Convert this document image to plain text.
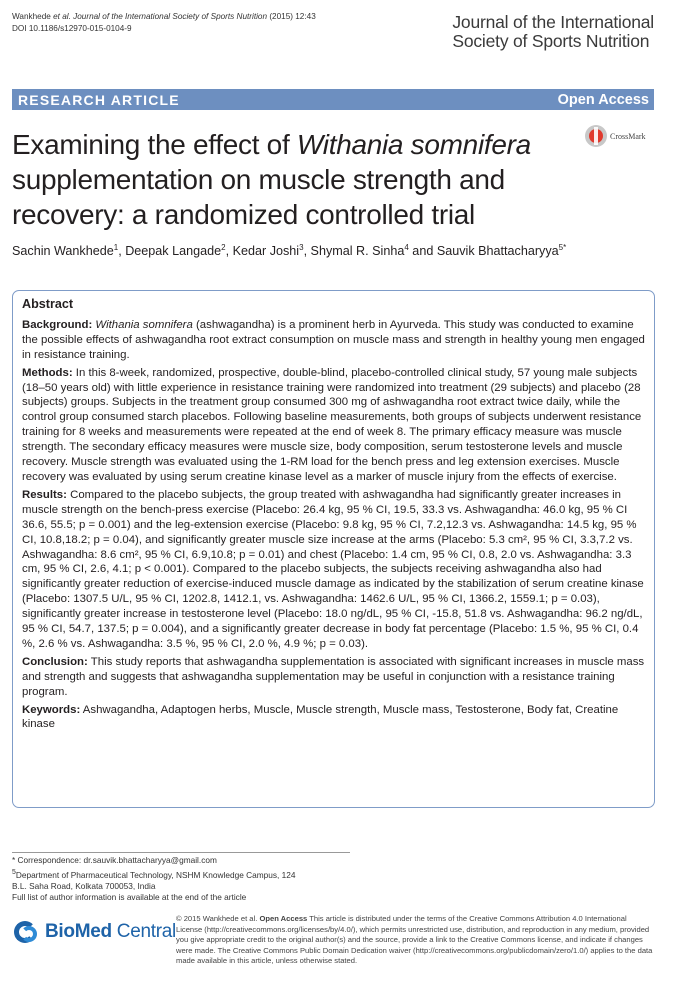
Wankhede et al. Journal of the International Society of Sports Nutrition (2015) 12:43
DOI 10.1186/s12970-015-0104-9	Journal of the International
Society of Sports Nutrition
RESEARCH ARTICLE	Open Access
Examining the effect of Withania somnifera supplementation on muscle strength and recovery: a randomized controlled trial
CrossMark
Sachin Wankhede$^1$, Deepak Langade$^2$, Kedar Joshi$^3$, Shymal R. Sinha$^4$ and Sauvik Bhattacharyya$^{5*}$
Abstract

Background: Withania somnifera (ashwagandha) is a prominent herb in Ayurveda. This study was conducted to examine the possible effects of ashwagandha root extract consumption on muscle mass and strength in healthy young men engaged in resistance training.

Methods: In this 8-week, randomized, prospective, double-blind, placebo-controlled clinical study, 57 young male subjects (18–50 years old) with little experience in resistance training were randomized into treatment (29 subjects) and placebo (28 subjects) groups. Subjects in the treatment group consumed 300 mg of ashwagandha root extract twice daily, while the control group consumed starch placebos. Following baseline measurements, both groups of subjects underwent resistance training for 8 weeks and measurements were repeated at the end of week 8. The primary efficacy measure was muscle strength. The secondary efficacy measures were muscle size, body composition, serum testosterone levels and muscle recovery. Muscle strength was evaluated using the 1-RM load for the bench press and leg extension exercises. Muscle recovery was evaluated by using serum creatine kinase level as a marker of muscle injury from the effects of exercise.

Results: Compared to the placebo subjects, the group treated with ashwagandha had significantly greater increases in muscle strength on the bench-press exercise (Placebo: 26.4 kg, 95 % CI, 19.5, 33.3 vs. Ashwagandha: 46.0 kg, 95 % CI 36.6, 55.5; p = 0.001) and the leg-extension exercise (Placebo: 9.8 kg, 95 % CI, 7.2,12.3 vs. Ashwagandha: 14.5 kg, 95 % CI, 10.8,18.2; p = 0.04), and significantly greater muscle size increase at the arms (Placebo: 5.3 cm², 95 % CI, 3.3,7.2 vs. Ashwagandha: 8.6 cm², 95 % CI, 6.9,10.8; p = 0.01) and chest (Placebo: 1.4 cm, 95 % CI, 0.8, 2.0 vs. Ashwagandha: 3.3 cm, 95 % CI, 2.6, 4.1; p < 0.001). Compared to the placebo subjects, the subjects receiving ashwagandha also had significantly greater reduction of exercise-induced muscle damage as indicated by the stabilization of serum creatine kinase (Placebo: 1307.5 U/L, 95 % CI, 1202.8, 1412.1, vs. Ashwagandha: 1462.6 U/L, 95 % CI, 1366.2, 1559.1; p = 0.03), significantly greater increase in testosterone level (Placebo: 18.0 ng/dL, 95 % CI, -15.8, 51.8 vs. Ashwagandha: 96.2 ng/dL, 95 % CI, 54.7, 137.5; p = 0.004), and a significantly greater decrease in body fat percentage (Placebo: 1.5 %, 95 % CI, 0.4 %, 2.6 % vs. Ashwagandha: 3.5 %, 95 % CI, 2.0 %, 4.9 %; p = 0.03).

Conclusion: This study reports that ashwagandha supplementation is associated with significant increases in muscle mass and strength and suggests that ashwagandha supplementation may be useful in conjunction with a resistance training program.

Keywords: Ashwagandha, Adaptogen herbs, Muscle, Muscle strength, Muscle mass, Testosterone, Body fat, Creatine kinase

* Correspondence: dr.sauvik.bhattacharyya@gmail.com
$^5$Department of Pharmaceutical Technology, NSHM Knowledge Campus, 124
B.L. Saha Road, Kolkata 700053, India
Full list of author information is available at the end of the article
BioMed Central
© 2015 Wankhede et al. Open Access This article is distributed under the terms of the Creative Commons Attribution 4.0 International License (http://creativecommons.org/licenses/by/4.0/), which permits unrestricted use, distribution, and reproduction in any medium, provided you give appropriate credit to the original author(s) and the source, provide a link to the Creative Commons license, and indicate if changes were made. The Creative Commons Public Domain Dedication waiver (http://creativecommons.org/publicdomain/zero/1.0/) applies to the data made available in this article, unless otherwise stated.
